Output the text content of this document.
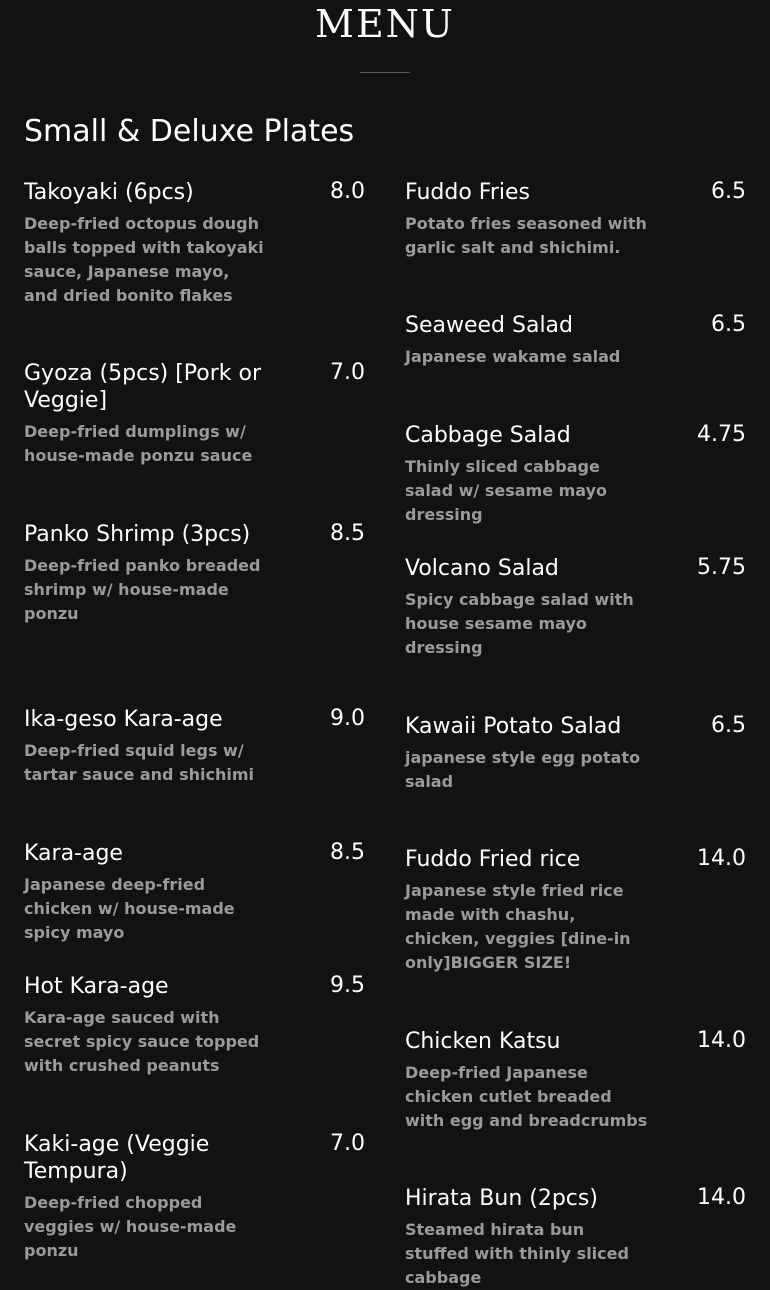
MENU
Small & Deluxe Plates
Takoyaki (6pcs)	8.0
Deep-fried octopus dough balls topped with takoyaki sauce, Japanese mayo, and dried bonito flakes
Gyoza (5pcs) [Pork or Veggie]
7.0
Deep-fried dumplings w/ house-made ponzu sauce
Panko Shrimp (3pcs)	8.5
Deep-fried panko breaded shrimp w/ house-made ponzu
Ika-geso Kara-age	9.0
Deep-fried squid legs w/ tartar sauce and shichimi
Kara-age	8.5
Japanese deep-fried chicken w/ house-made spicy mayo
Hot Kara-age	9.5
Kara-age sauced with secret spicy sauce topped with crushed peanuts
Kaki-age (Veggie Tempura)
7.0
Deep-fried chopped veggies w/ house-made ponzu
Fuddo Fries	6.5
Potato fries seasoned with garlic salt and shichimi.
Seaweed Salad	6.5
Japanese wakame salad
Cabbage Salad	4.75
Thinly sliced cabbage salad w/ sesame mayo dressing
Volcano Salad	5.75
Spicy cabbage salad with house sesame mayo dressing
Kawaii Potato Salad	6.5
japanese style egg potato salad
Fuddo Fried rice	14.0
Japanese style fried rice made with chashu, chicken, veggies [dine-in only]BIGGER SIZE!
Chicken Katsu	14.0
Deep-fried Japanese chicken cutlet breaded with egg and breadcrumbs
Hirata Bun (2pcs)	14.0
Steamed hirata bun stuffed with thinly sliced cabbage
